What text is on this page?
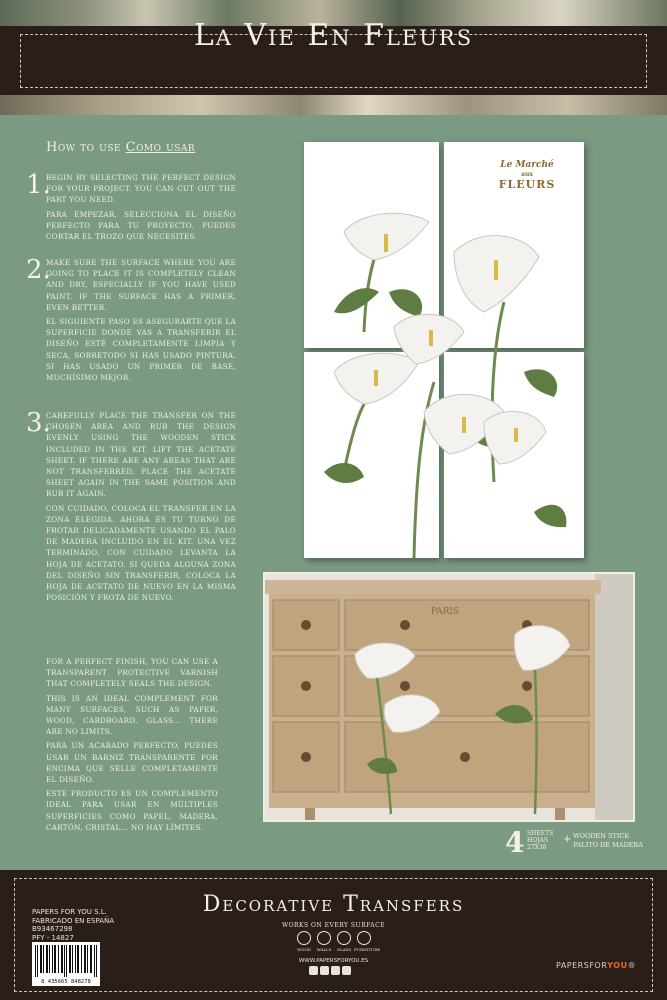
La Vie En Fleurs
How to use Como usar
1.

BEGIN BY SELECTING THE PERFECT DESIGN FOR YOUR PROJECT. YOU CAN CUT OUT THE PART YOU NEED.

PARA EMPEZAR, SELECCIONA EL DISEÑO PERFECTO PARA TU PROYECTO. PUEDES CORTAR EL TROZO QUE NECESITES.

2.

MAKE SURE THE SURFACE WHERE YOU ARE GOING TO PLACE IT IS COMPLETELY CLEAN AND DRY, ESPECIALLY IF YOU HAVE USED PAINT. IF THE SURFACE HAS A PRIMER, EVEN BETTER.

EL SIGUIENTE PASO ES ASEGURARTE QUE LA SUPERFICIE DONDE VAS A TRANSFERIR EL DISEÑO ESTÉ COMPLETAMENTE LIMPIA Y SECA, SOBRETODO SI HAS USADO PINTURA. SI HAS USADO UN PRIMER DE BASE, MUCHÍSIMO MEJOR.

3.

CAREFULLY PLACE THE TRANSFER ON THE CHOSEN AREA AND RUB THE DESIGN EVENLY USING THE WOODEN STICK INCLUDED IN THE KIT. LIFT THE ACETATE SHEET. IF THERE ARE ANY AREAS THAT ARE NOT TRANSFERRED, PLACE THE ACETATE SHEET AGAIN IN THE SAME POSITION AND RUB IT AGAIN.

CON CUIDADO, COLOCA EL TRANSFER EN LA ZONA ELEGIDA. AHORA ES TU TURNO DE FROTAR DELICADAMENTE USANDO EL PALO DE MADERA INCLUIDO EN EL KIT. UNA VEZ TERMINADO, CON CUIDADO LEVANTA LA HOJA DE ACETATO. SI QUEDA ALGUNA ZONA DEL DISEÑO SIN TRANSFERIR, COLOCA LA HOJA DE ACETATO DE NUEVO EN LA MISMA POSICIÓN Y FROTA DE NUEVO.

FOR A PERFECT FINISH, YOU CAN USE A TRANSPARENT PROTECTIVE VARNISH THAT COMPLETELY SEALS THE DESIGN.

THIS IS AN IDEAL COMPLEMENT FOR MANY SURFACES, SUCH AS PAPER, WOOD, CARDBOARD, GLASS... THERE ARE NO LIMITS.

PARA UN ACABADO PERFECTO, PUEDES USAR UN BARNIZ TRANSPARENTE POR ENCIMA QUE SELLE COMPLETAMENTE EL DISEÑO.

ESTE PRODUCTO ES UN COMPLEMENTO IDEAL PARA USAR EN MÚLTIPLES SUPERFICIES COMO PAPEL, MADERA, CARTÓN, CRISTAL... NO HAY LÍMITES.

Le Marché
aux
FLEURS
PARIS
4 SHEETS
HOJAS
27X38
+ WOODEN STICK
PALITO DE MADERA
Decorative Transfers
PAPERS FOR YOU S.L.
FABRICADO EN ESPAÑA
B93467298
PFY - 14827
8 435665 848278
WORKS ON EVERY SURFACE
WOOD	WALLS	GLASS FURNITURE
WWW.PAPERSFORYOU.ES	PAPERSFORYOU®
